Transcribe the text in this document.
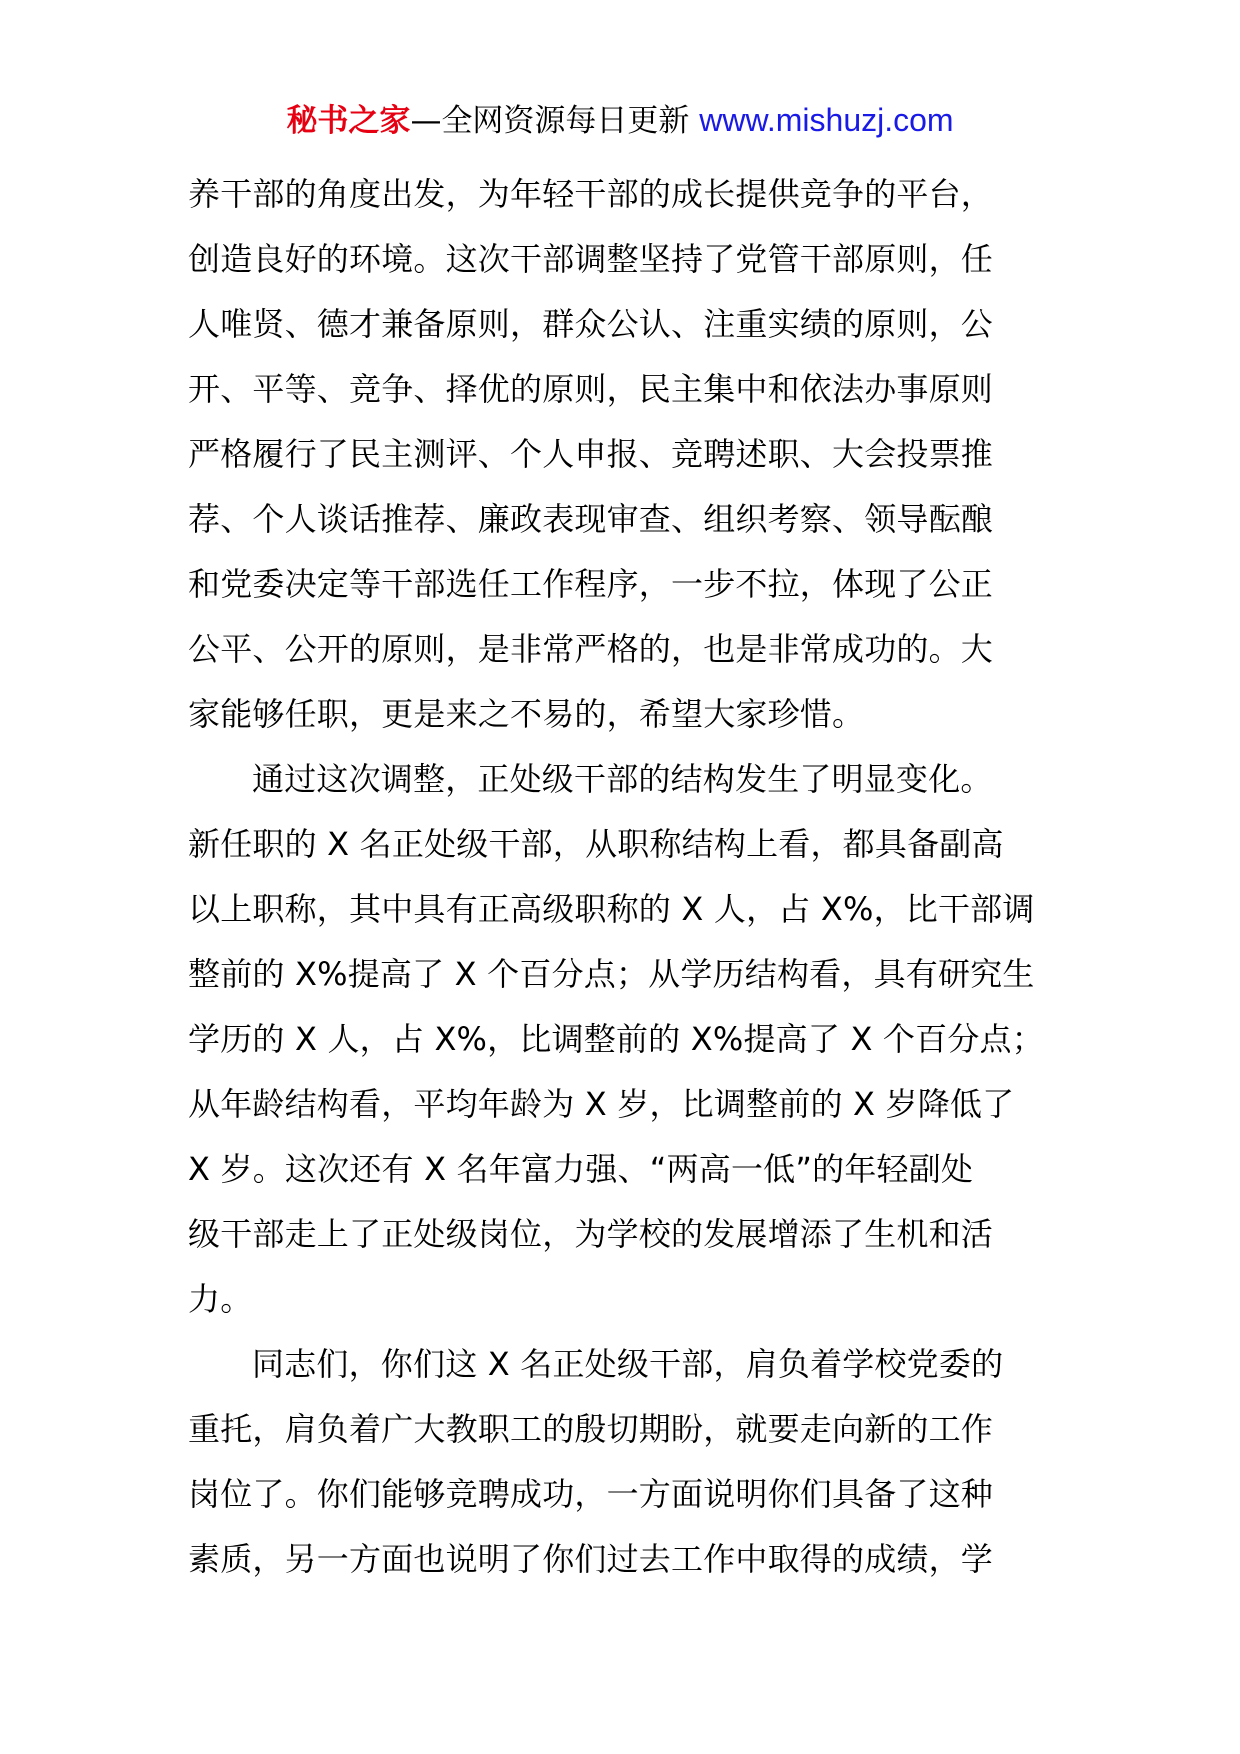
秘书之家—全网资源每日更新 www.mishuzj.com
养干部的角度出发，为年轻干部的成长提供竞争的平台，
创造良好的环境。这次干部调整坚持了党管干部原则，任
人唯贤、德才兼备原则，群众公认、注重实绩的原则，公
开、平等、竞争、择优的原则，民主集中和依法办事原则
严格履行了民主测评、个人申报、竞聘述职、大会投票推
荐、个人谈话推荐、廉政表现审查、组织考察、领导酝酿
和党委决定等干部选任工作程序，一步不拉，体现了公正
公平、公开的原则，是非常严格的，也是非常成功的。大
家能够任职，更是来之不易的，希望大家珍惜。
通过这次调整，正处级干部的结构发生了明显变化。
新任职的 X 名正处级干部，从职称结构上看，都具备副高
以上职称，其中具有正高级职称的 X 人，占 X%，比干部调
整前的 X%提高了 X 个百分点；从学历结构看，具有研究生
学历的 X 人，占 X%，比调整前的 X%提高了 X 个百分点；
从年龄结构看，平均年龄为 X 岁，比调整前的 X 岁降低了
X 岁。这次还有 X 名年富力强、“两高一低”的年轻副处
级干部走上了正处级岗位，为学校的发展增添了生机和活
力。
同志们，你们这 X 名正处级干部，肩负着学校党委的
重托，肩负着广大教职工的殷切期盼，就要走向新的工作
岗位了。你们能够竞聘成功，一方面说明你们具备了这种
素质，另一方面也说明了你们过去工作中取得的成绩，学
